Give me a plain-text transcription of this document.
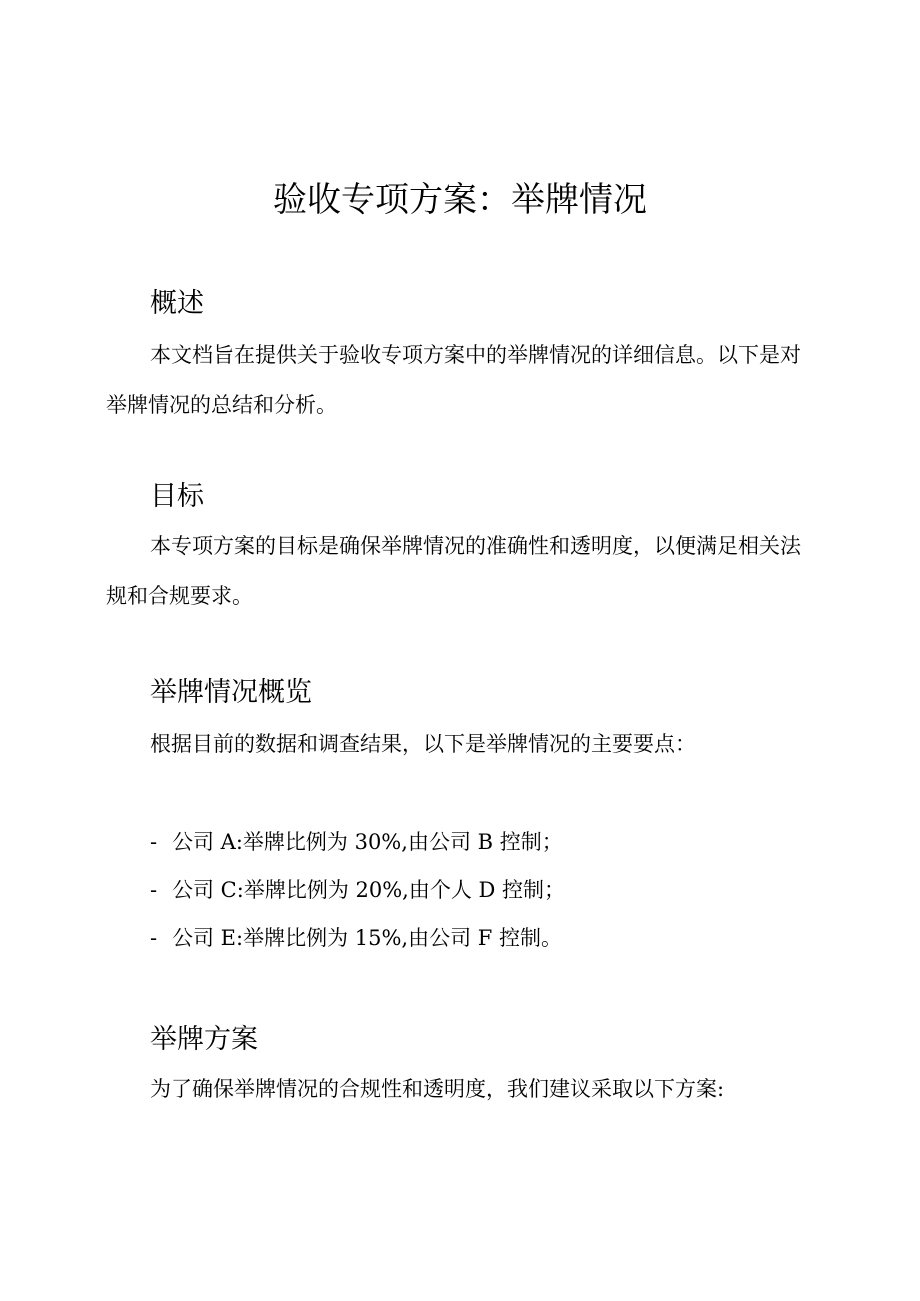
验收专项方案：举牌情况
概述

本文档旨在提供关于验收专项方案中的举牌情况的详细信息。以下是对举牌情况的总结和分析。

目标

本专项方案的目标是确保举牌情况的准确性和透明度，以便满足相关法规和合规要求。

举牌情况概览

根据目前的数据和调查结果，以下是举牌情况的主要要点：

- 公司 A:举牌比例为 30%,由公司 B 控制；
- 公司 C:举牌比例为 20%,由个人 D 控制；
- 公司 E:举牌比例为 15%,由公司 F 控制。
举牌方案

为了确保举牌情况的合规性和透明度，我们建议采取以下方案:
